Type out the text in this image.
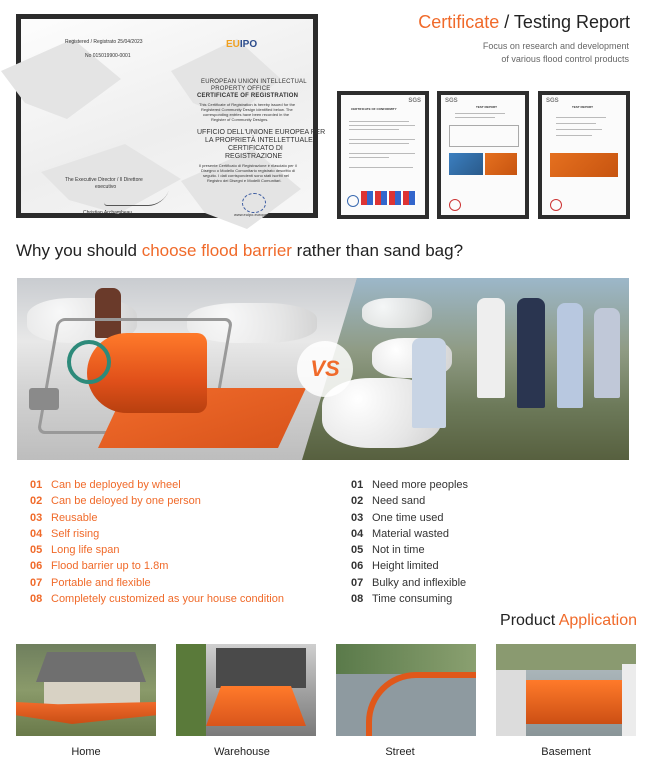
Registered / Registrato 25/04/2023
No 015019900-0001
EUIPO
EUROPEAN UNION INTELLECTUAL
PROPERTY OFFICE
CERTIFICATE OF REGISTRATION
This Certificate of Registration is hereby issued for the
Registered Community Design identified below. The
corresponding entries have been recorded in the
Register of Community Designs.
UFFICIO DELL'UNIONE EUROPEA PER
LA PROPRIETÀ INTELLETTUALE
CERTIFICATO DI
REGISTRAZIONE
Il presente Certificato di Registrazione è rilasciato per il
Disegno o Modello Comunitario registrato descritto di
seguito. I dati corrispondenti sono stati iscritti nel
Registro dei Disegni e Modelli Comunitari.
The Executive Director / Il Direttore
esecutivo
Christian Archambeau	www.euipo.europa.eu
Certificate / Testing Report
Focus on research and development
of various flood control products
SGS
CERTIFICATE OF CONFORMITY
SGS
TEST REPORT
SGS
TEST REPORT
Why you should choose flood barrier rather than sand bag?
VS
01 Can be deployed by wheel
02 Can be deloyed by one person
03 Reusable
04 Self rising
05 Long life span
06 Flood barrier up to 1.8m
07 Portable and flexible
08 Completely customized as your house condition
01 Need more peoples
02 Need sand
03 One time used
04 Material wasted
05 Not in time
06 Height limited
07 Bulky and inflexible
08 Time consuming
Product Application
Home	Warehouse	Street	Basement
